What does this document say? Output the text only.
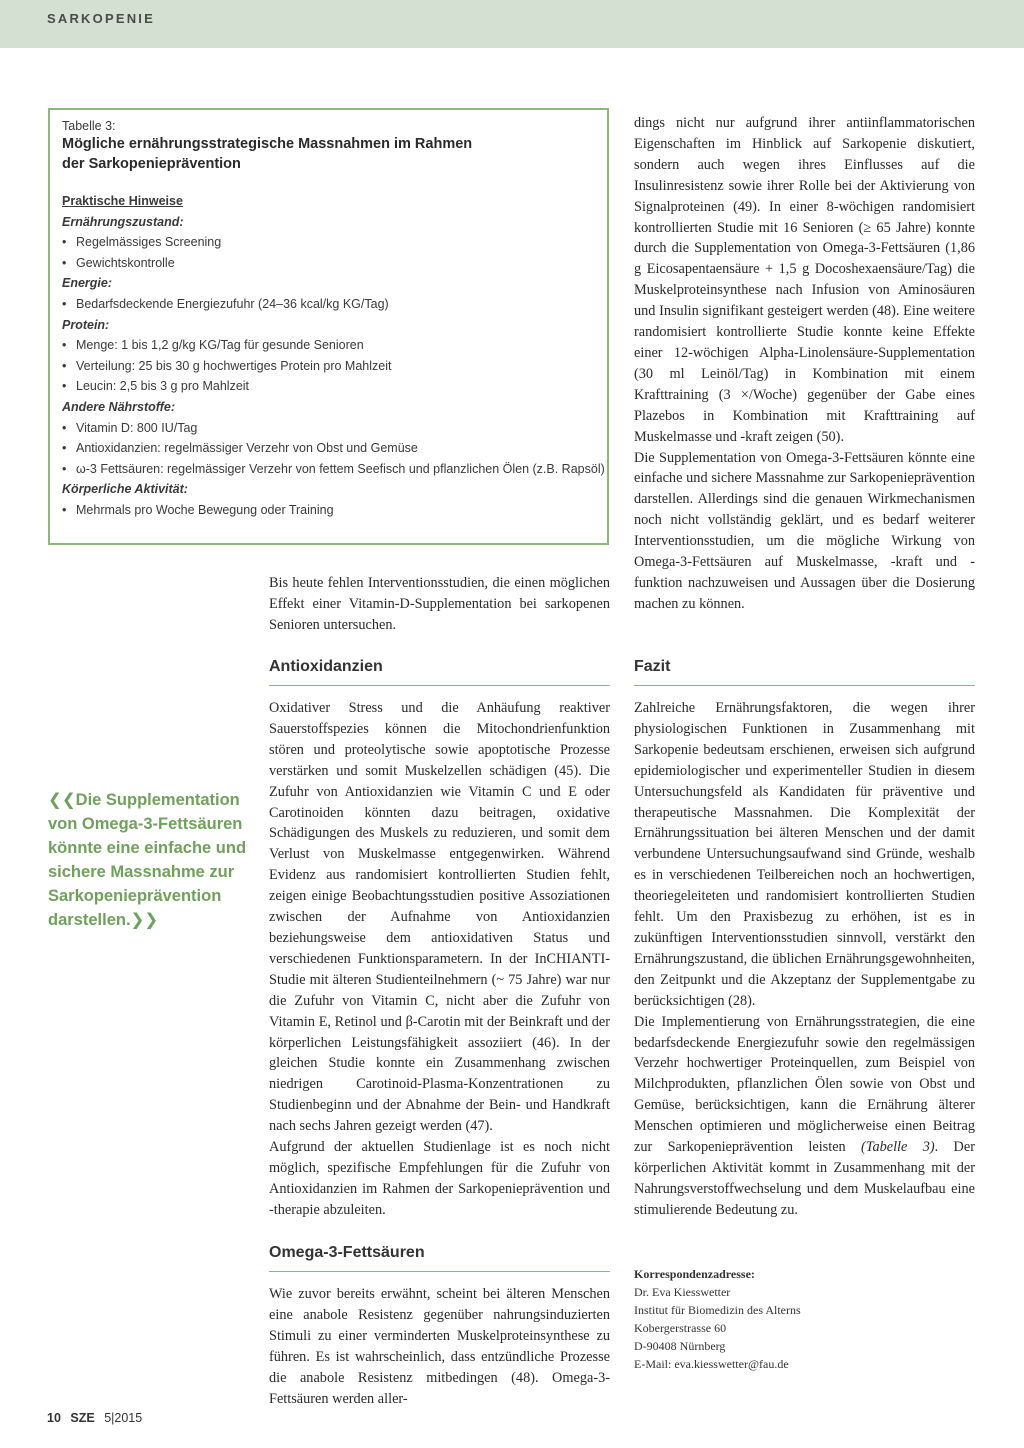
SARKOPENIE
Tabelle 3:
Mögliche ernährungsstrategische Massnahmen im Rahmen der Sarkopenieprävention
Praktische Hinweise
Ernährungszustand:
• Regelmässiges Screening
• Gewichtskontrolle
Energie:
• Bedarfsdeckende Energiezufuhr (24–36 kcal/kg KG/Tag)
Protein:
• Menge: 1 bis 1,2 g/kg KG/Tag für gesunde Senioren
• Verteilung: 25 bis 30 g hochwertiges Protein pro Mahlzeit
• Leucin: 2,5 bis 3 g pro Mahlzeit
Andere Nährstoffe:
• Vitamin D: 800 IU/Tag
• Antioxidanzien: regelmässiger Verzehr von Obst und Gemüse
• ω-3 Fettsäuren: regelmässiger Verzehr von fettem Seefisch und pflanzlichen Ölen (z.B. Rapsöl)
Körperliche Aktivität:
• Mehrmals pro Woche Bewegung oder Training
❮❮Die Supplementation von Omega-3-Fettsäuren könnte eine einfache und sichere Massnahme zur Sarkopenieprävention darstellen.❯❯

Bis heute fehlen Interventionsstudien, die einen möglichen Effekt einer Vitamin-D-Supplementation bei sarkopenen Senioren untersuchen.

Antioxidanzien

Oxidativer Stress und die Anhäufung reaktiver Sauerstoffspezies können die Mitochondrienfunktion stören und proteolytische sowie apoptotische Prozesse verstärken und somit Muskelzellen schädigen (45). Die Zufuhr von Antioxidanzien wie Vitamin C und E oder Carotinoiden könnten dazu beitragen, oxidative Schädigungen des Muskels zu reduzieren, und somit dem Verlust von Muskelmasse entgegenwirken. Während Evidenz aus randomisiert kontrollierten Studien fehlt, zeigen einige Beobachtungsstudien positive Assoziationen zwischen der Aufnahme von Antioxidanzien beziehungsweise dem antioxidativen Status und verschiedenen Funktionsparametern. In der InCHIANTI-Studie mit älteren Studienteilnehmern (~ 75 Jahre) war nur die Zufuhr von Vitamin C, nicht aber die Zufuhr von Vitamin E, Retinol und β-Carotin mit der Beinkraft und der körperlichen Leistungsfähigkeit assoziiert (46). In der gleichen Studie konnte ein Zusammenhang zwischen niedrigen Carotinoid-Plasma-Konzentrationen zu Studienbeginn und der Abnahme der Bein- und Handkraft nach sechs Jahren gezeigt werden (47).

Aufgrund der aktuellen Studienlage ist es noch nicht möglich, spezifische Empfehlungen für die Zufuhr von Antioxidanzien im Rahmen der Sarkopenieprävention und -therapie abzuleiten.

Omega-3-Fettsäuren

Wie zuvor bereits erwähnt, scheint bei älteren Menschen eine anabole Resistenz gegenüber nahrungsinduzierten Stimuli zu einer verminderten Muskelproteinsynthese zu führen. Es ist wahrscheinlich, dass entzündliche Prozesse die anabole Resistenz mitbedingen (48). Omega-3-Fettsäuren werden aller-

dings nicht nur aufgrund ihrer antiinflammatorischen Eigenschaften im Hinblick auf Sarkopenie diskutiert, sondern auch wegen ihres Einflusses auf die Insulinresistenz sowie ihrer Rolle bei der Aktivierung von Signalproteinen (49). In einer 8-wöchigen randomisiert kontrollierten Studie mit 16 Senioren (≥ 65 Jahre) konnte durch die Supplementation von Omega-3-Fettsäuren (1,86 g Eicosapentaensäure + 1,5 g Docoshexaensäure/Tag) die Muskelproteinsynthese nach Infusion von Aminosäuren und Insulin signifikant gesteigert werden (48). Eine weitere randomisiert kontrollierte Studie konnte keine Effekte einer 12-wöchigen Alpha-Linolensäure-Supplementation (30 ml Leinöl/Tag) in Kombination mit einem Krafttraining (3 ×/Woche) gegenüber der Gabe eines Plazebos in Kombination mit Krafttraining auf Muskelmasse und -kraft zeigen (50).

Die Supplementation von Omega-3-Fettsäuren könnte eine einfache und sichere Massnahme zur Sarkopenieprävention darstellen. Allerdings sind die genauen Wirkmechanismen noch nicht vollständig geklärt, und es bedarf weiterer Interventionsstudien, um die mögliche Wirkung von Omega-3-Fettsäuren auf Muskelmasse, -kraft und -funktion nachzuweisen und Aussagen über die Dosierung machen zu können.

Fazit

Zahlreiche Ernährungsfaktoren, die wegen ihrer physiologischen Funktionen in Zusammenhang mit Sarkopenie bedeutsam erschienen, erweisen sich aufgrund epidemiologischer und experimenteller Studien in diesem Untersuchungsfeld als Kandidaten für präventive und therapeutische Massnahmen. Die Komplexität der Ernährungssituation bei älteren Menschen und der damit verbundene Untersuchungsaufwand sind Gründe, weshalb es in verschiedenen Teilbereichen noch an hochwertigen, theoriegeleiteten und randomisiert kontrollierten Studien fehlt. Um den Praxisbezug zu erhöhen, ist es in zukünftigen Interventionsstudien sinnvoll, verstärkt den Ernährungszustand, die üblichen Ernährungsgewohnheiten, den Zeitpunkt und die Akzeptanz der Supplementgabe zu berücksichtigen (28).

Die Implementierung von Ernährungsstrategien, die eine bedarfsdeckende Energiezufuhr sowie den regelmässigen Verzehr hochwertiger Proteinquellen, zum Beispiel von Milchprodukten, pflanzlichen Ölen sowie von Obst und Gemüse, berücksichtigen, kann die Ernährung älterer Menschen optimieren und möglicherweise einen Beitrag zur Sarkopenieprävention leisten (Tabelle 3). Der körperlichen Aktivität kommt in Zusammenhang mit der Nahrungsverstoffwechselung und dem Muskelaufbau eine stimulierende Bedeutung zu.

Korrespondenzadresse:
Dr. Eva Kiesswetter
Institut für Biomedizin des Alterns
Kobergerstrasse 60
D-90408 Nürnberg
E-Mail: eva.kiesswetter@fau.de
10 SZE 5|2015
